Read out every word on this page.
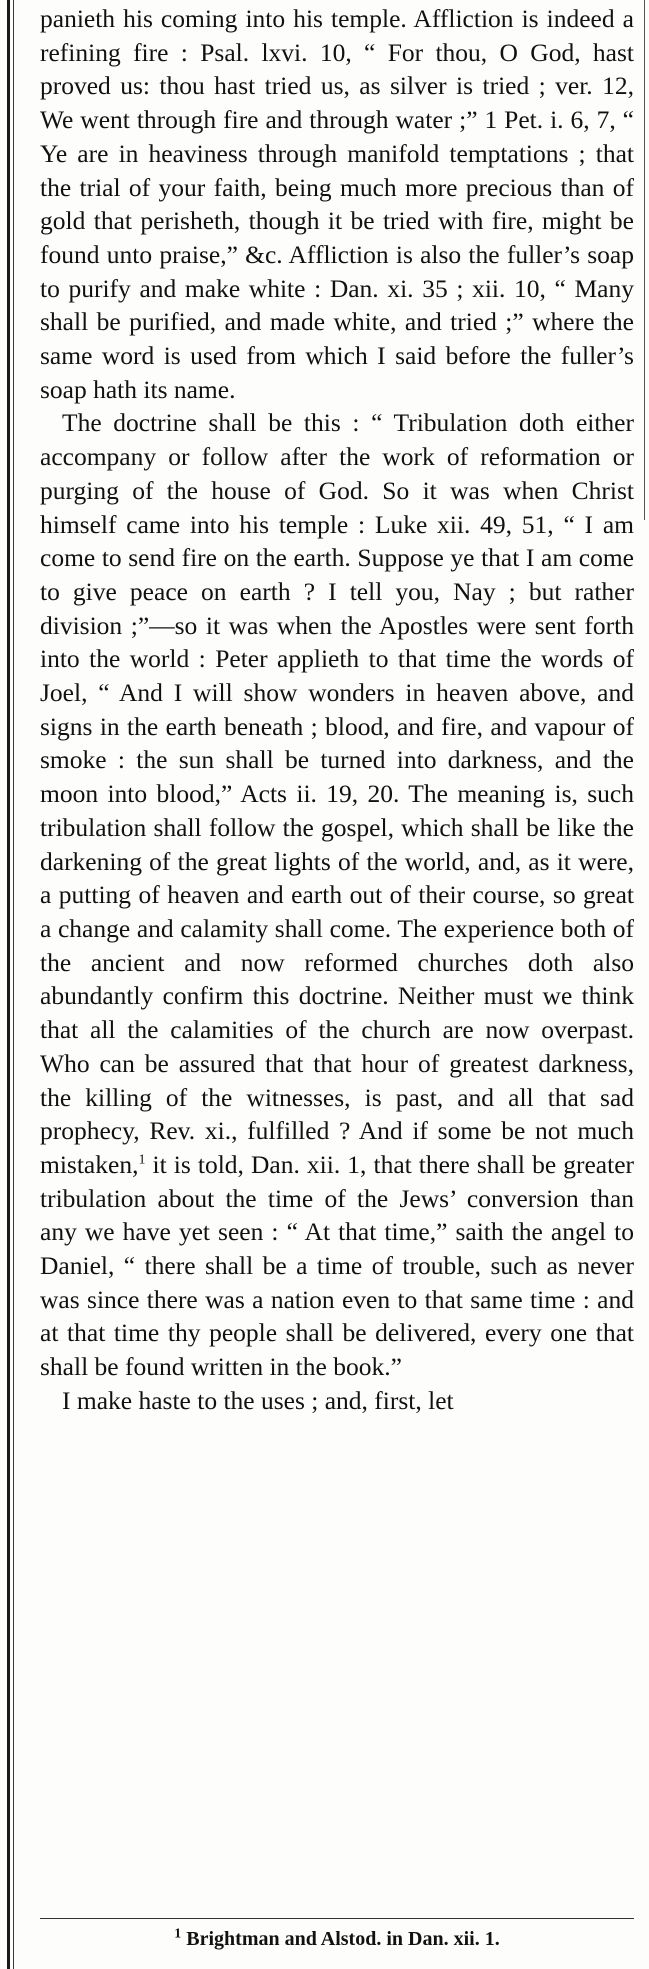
panieth his coming into his temple. Affliction is indeed a refining fire : Psal. lxvi. 10, “ For thou, O God, hast proved us: thou hast tried us, as silver is tried ; ver. 12, We went through fire and through water ;” 1 Pet. i. 6, 7, “ Ye are in heaviness through manifold temptations ; that the trial of your faith, being much more precious than of gold that perisheth, though it be tried with fire, might be found unto praise,” &c. Affliction is also the fuller’s soap to purify and make white : Dan. xi. 35 ; xii. 10, “ Many shall be purified, and made white, and tried ;” where the same word is used from which I said before the fuller’s soap hath its name.

The doctrine shall be this : “ Tribulation doth either accompany or follow after the work of reformation or purging of the house of God. So it was when Christ himself came into his temple : Luke xii. 49, 51, “ I am come to send fire on the earth. Suppose ye that I am come to give peace on earth ? I tell you, Nay ; but rather division ;”—so it was when the Apostles were sent forth into the world : Peter applieth to that time the words of Joel, “ And I will show wonders in heaven above, and signs in the earth beneath ; blood, and fire, and vapour of smoke : the sun shall be turned into darkness, and the moon into blood,” Acts ii. 19, 20. The meaning is, such tribulation shall follow the gospel, which shall be like the darkening of the great lights of the world, and, as it were, a putting of heaven and earth out of their course, so great a change and calamity shall come. The experience both of the ancient and now reformed churches doth also abundantly confirm this doctrine. Neither must we think that all the calamities of the church are now overpast. Who can be assured that that hour of greatest darkness, the killing of the witnesses, is past, and all that sad prophecy, Rev. xi., fulfilled ? And if some be not much mistaken,$^1$ it is told, Dan. xii. 1, that there shall be greater tribulation about the time of the Jews’ conversion than any we have yet seen : “ At that time,” saith the angel to Daniel, “ there shall be a time of trouble, such as never was since there was a nation even to that same time : and at that time thy people shall be delivered, every one that shall be found written in the book.”

I make haste to the uses ; and, first, let

$^1$ Brightman and Alstod. in Dan. xii. 1.
